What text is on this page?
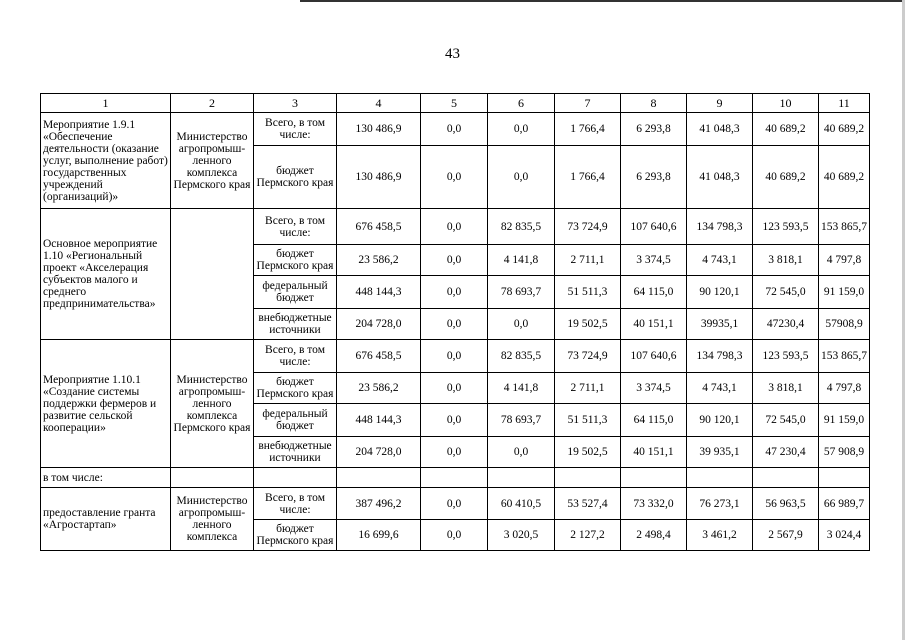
43
1	2	3	4	5	6	7	8	9	10	11
Мероприятие 1.9.1 «Обеспечение деятельности (оказание услуг, выполнение работ) государственных учреждений (организаций)»	Министерство агропромыш-ленного комплекса Пермского края	Всего, в том числе:	130 486,9	0,0	0,0	1 766,4	6 293,8	41 048,3	40 689,2	40 689,2
		бюджет Пермского края	130 486,9	0,0	0,0	1 766,4	6 293,8	41 048,3	40 689,2	40 689,2
Основное мероприятие 1.10 «Региональный проект «Акселерация субъектов малого и среднего предпринимательства»		Всего, в том числе:	676 458,5	0,0	82 835,5	73 724,9	107 640,6	134 798,3	123 593,5	153 865,7
		бюджет Пермского края	23 586,2	0,0	4 141,8	2 711,1	3 374,5	4 743,1	3 818,1	4 797,8
		федеральный бюджет	448 144,3	0,0	78 693,7	51 511,3	64 115,0	90 120,1	72 545,0	91 159,0
		внебюджетные источники	204 728,0	0,0	0,0	19 502,5	40 151,1	39935,1	47230,4	57908,9
Мероприятие 1.10.1 «Создание системы поддержки фермеров и развитие сельской кооперации»	Министерство агропромыш-ленного комплекса Пермского края	Всего, в том числе:	676 458,5	0,0	82 835,5	73 724,9	107 640,6	134 798,3	123 593,5	153 865,7
		бюджет Пермского края	23 586,2	0,0	4 141,8	2 711,1	3 374,5	4 743,1	3 818,1	4 797,8
		федеральный бюджет	448 144,3	0,0	78 693,7	51 511,3	64 115,0	90 120,1	72 545,0	91 159,0
		внебюджетные источники	204 728,0	0,0	0,0	19 502,5	40 151,1	39 935,1	47 230,4	57 908,9
в том числе:										
предоставление гранта «Агростартап»	Министерство агропромыш-ленного комплекса	Всего, в том числе:	387 496,2	0,0	60 410,5	53 527,4	73 332,0	76 273,1	56 963,5	66 989,7
		бюджет Пермского края	16 699,6	0,0	3 020,5	2 127,2	2 498,4	3 461,2	2 567,9	3 024,4
